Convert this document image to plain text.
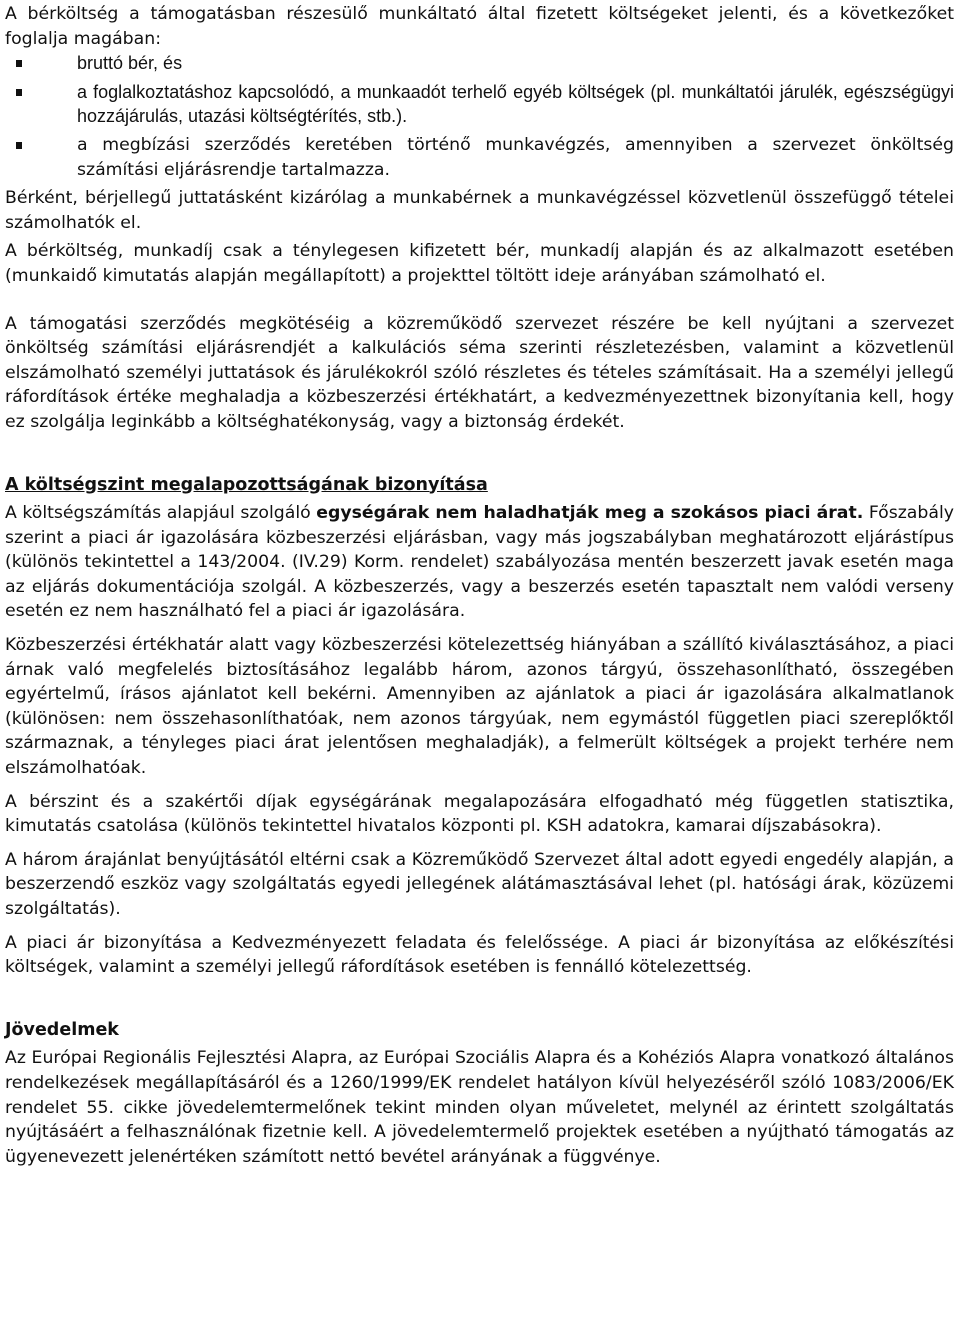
A bérköltség a támogatásban részesülő munkáltató által fizetett költségeket jelenti, és a következőket foglalja magában:

bruttó bér, és
a foglalkoztatáshoz kapcsolódó, a munkaadót terhelő egyéb költségek (pl. munkáltatói járulék, egészségügyi hozzájárulás, utazási költségtérítés, stb.).
a megbízási szerződés keretében történő munkavégzés, amennyiben a szervezet önköltség számítási eljárásrendje tartalmazza.

Bérként, bérjellegű juttatásként kizárólag a munkabérnek a munkavégzéssel közvetlenül összefüggő tételei számolhatók el.

A bérköltség, munkadíj csak a ténylegesen kifizetett bér, munkadíj alapján és az alkalmazott esetében (munkaidő kimutatás alapján megállapított) a projekttel töltött ideje arányában számolható el.

A támogatási szerződés megkötéséig a közreműködő szervezet részére be kell nyújtani a szervezet önköltség számítási eljárásrendjét a kalkulációs séma szerinti részletezésben, valamint a közvetlenül elszámolható személyi juttatások és járulékokról szóló részletes és tételes számításait. Ha a személyi jellegű ráfordítások értéke meghaladja a közbeszerzési értékhatárt, a kedvezményezettnek bizonyítania kell, hogy ez szolgálja leginkább a költséghatékonyság, vagy a biztonság érdekét.

A költségszint megalapozottságának bizonyítása

A költségszámítás alapjául szolgáló egységárak nem haladhatják meg a szokásos piaci árat. Főszabály szerint a piaci ár igazolására közbeszerzési eljárásban, vagy más jogszabályban meghatározott eljárástípus (különös tekintettel a 143/2004. (IV.29) Korm. rendelet) szabályozása mentén beszerzett javak esetén maga az eljárás dokumentációja szolgál. A közbeszerzés, vagy a beszerzés esetén tapasztalt nem valódi verseny esetén ez nem használható fel a piaci ár igazolására.

Közbeszerzési értékhatár alatt vagy közbeszerzési kötelezettség hiányában a szállító kiválasztásához, a piaci árnak való megfelelés biztosításához legalább három, azonos tárgyú, összehasonlítható, összegében egyértelmű, írásos ajánlatot kell bekérni. Amennyiben az ajánlatok a piaci ár igazolására alkalmatlanok (különösen: nem összehasonlíthatóak, nem azonos tárgyúak, nem egymástól független piaci szereplőktől származnak, a tényleges piaci árat jelentősen meghaladják), a felmerült költségek a projekt terhére nem elszámolhatóak.

A bérszint és a szakértői díjak egységárának megalapozására elfogadható még független statisztika, kimutatás csatolása (különös tekintettel hivatalos központi pl. KSH adatokra, kamarai díjszabásokra).

A három árajánlat benyújtásától eltérni csak a Közreműködő Szervezet által adott egyedi engedély alapján, a beszerzendő eszköz vagy szolgáltatás egyedi jellegének alátámasztásával lehet (pl. hatósági árak, közüzemi szolgáltatás).

A piaci ár bizonyítása a Kedvezményezett feladata és felelőssége. A piaci ár bizonyítása az előkészítési költségek, valamint a személyi jellegű ráfordítások esetében is fennálló kötelezettség.

Jövedelmek

Az Európai Regionális Fejlesztési Alapra, az Európai Szociális Alapra és a Kohéziós Alapra vonatkozó általános rendelkezések megállapításáról és a 1260/1999/EK rendelet hatályon kívül helyezéséről szóló 1083/2006/EK rendelet 55. cikke jövedelemtermelőnek tekint minden olyan műveletet, melynél az érintett szolgáltatás nyújtásáért a felhasználónak fizetnie kell. A jövedelemtermelő projektek esetében a nyújtható támogatás az ügyenevezett jelenértéken számított nettó bevétel arányának a függvénye.
